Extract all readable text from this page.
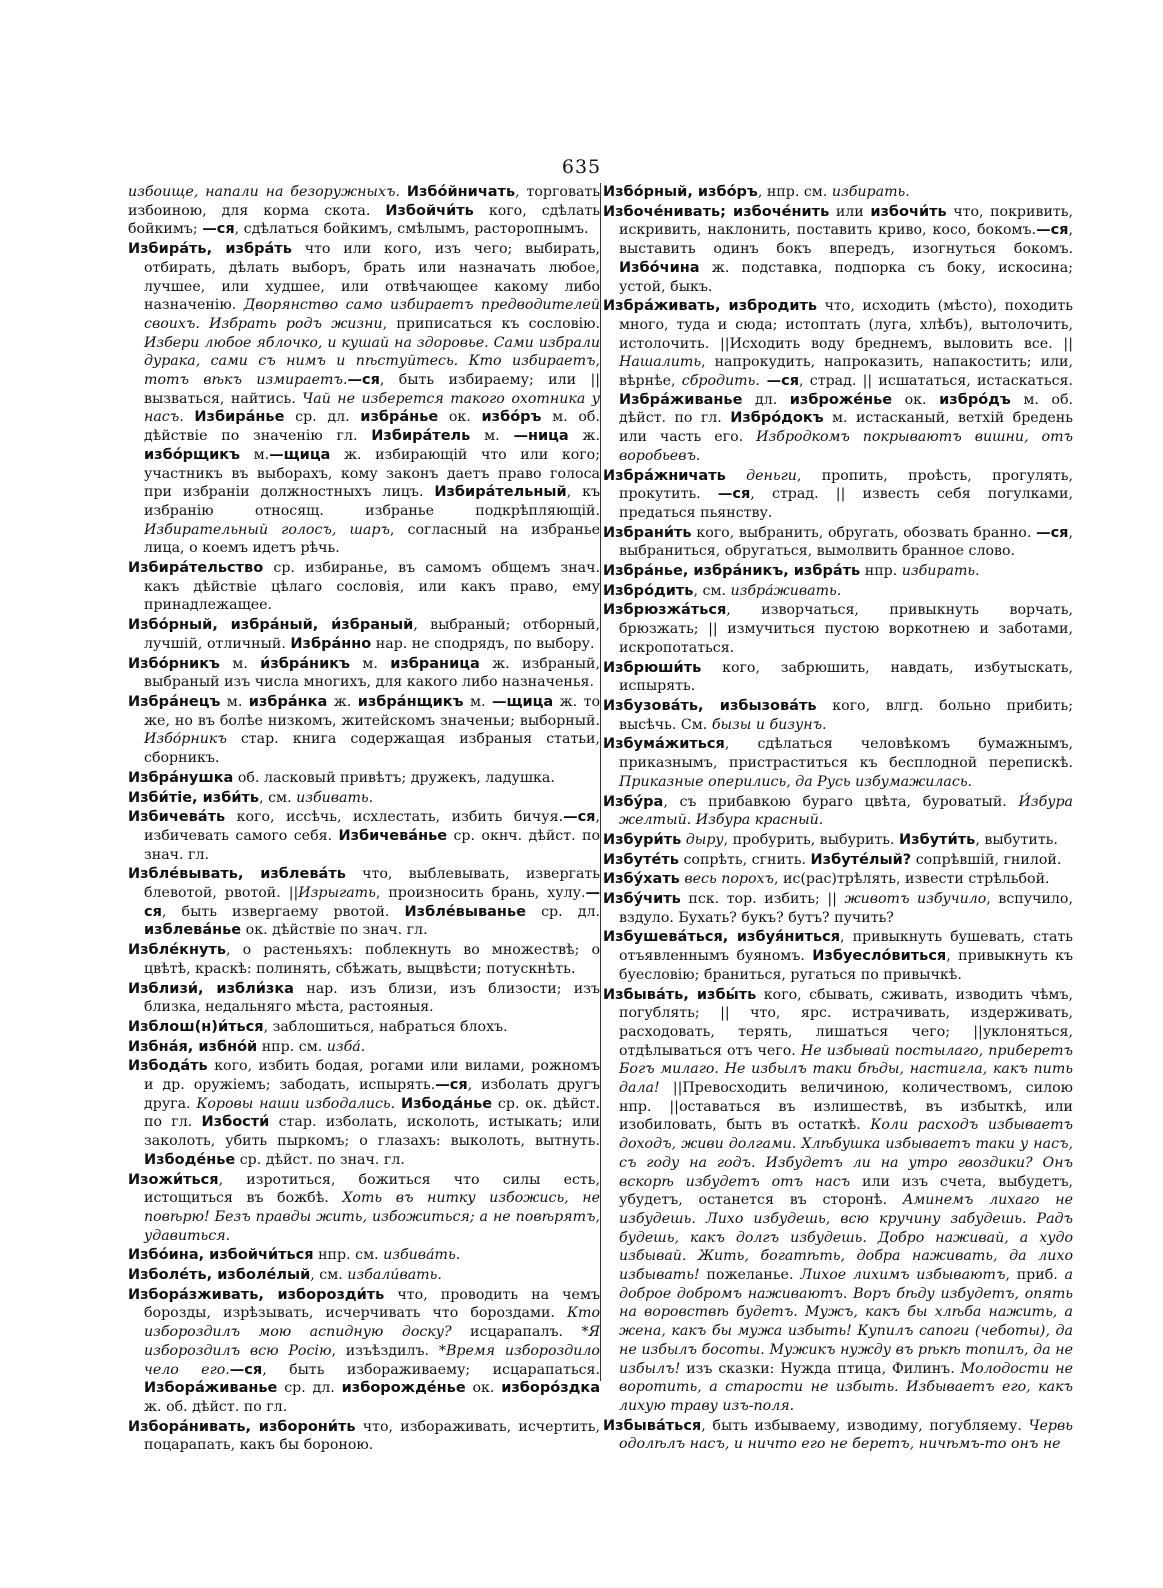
635

избоище, напали на безоружныхъ. Избо́йничать, торговать избоиною, для корма скота. Избойчи́ть кого, сдѣлать бойкимъ; —ся, сдѣлаться бойкимъ, смѣлымъ, расторопнымъ.

Избира́ть, избра́ть что или кого, изъ чего; выбирать, отбирать, дѣлать выборъ, брать или назначать любое, лучшее, или худшее, или отвѣчающее какому либо назначенію. Дворянство само избираетъ предводителей своихъ. Избрать родъ жизни, приписаться къ сословію. Избери любое яблочко, и кушай на здоровье. Сами избрали дурака, сами съ нимъ и пѣстуйтесь. Кто избираетъ, тотъ вѣкъ измираетъ.—ся, быть избираему; или || вызваться, найтись. Чай не изберется такого охотника у насъ. Избира́нье ср. дл. избра́нье ок. избо́ръ м. об. дѣйствіе по значенію гл. Избира́тель м. —ница ж. избо́рщикъ м.—щица ж. избирающій что или кого; участникъ въ выборахъ, кому законъ даетъ право голоса при избраніи должностныхъ лицъ. Избира́тельный, къ избранію относящ. избранье подкрѣпляющій. Избирательный голосъ, шаръ, согласный на избранье лица, о коемъ идетъ рѣчь.

Избира́тельство ср. избиранье, въ самомъ общемъ знач. какъ дѣйствіе цѣлаго сословія, или какъ право, ему принадлежащее.

Избо́рный, избра́ный, и́збраный, выбраный; отборный, лучшій, отличный. Избра́нно нар. не сподрядъ, по выбору.

Избо́рникъ м. и́збра́никъ м. избраница ж. избраный, выбраный изъ числа многихъ, для какого либо назначенья.

Избра́нецъ м. избра́нка ж. избра́нщикъ м. —щица ж. то же, но въ болѣе низкомъ, житейскомъ значеньи; выборный. Избо́рникъ стар. книга содержащая избраныя статьи, сборникъ.

Избра́нушка об. ласковый привѣтъ; дружекъ, ладушка.

Изби́тіе, изби́ть, см. избивать.

Избичева́ть кого, иссѣчь, исхлестать, избить бичуя.—ся, избичевать самого себя. Избичева́нье ср. окнч. дѣйст. по знач. гл.

Избле́вывать, изблева́ть что, выблевывать, извергать блевотой, рвотой. ||Изрыгать, произносить брань, хулу.—ся, быть извергаему рвотой. Избле́выванье ср. дл. изблева́нье ок. дѣйствіе по знач. гл.

Избле́кнуть, о растеньяхъ: поблекнуть во множествѣ; о цвѣтѣ, краскѣ: полинять, сбѣжать, выцвѣсти; потускнѣть.

Изблизи́, избли́зка нар. изъ близи, изъ близости; изъ близка, недальняго мѣста, растояныя.

Изблош(н)и́ться, заблошиться, набраться блохъ.

Избна́я, избно́й нпр. см. изба́.

Избода́ть кого, избить бодая, рогами или вилами, рожномъ и др. оружіемъ; забодать, испырять.—ся, изболать другъ друга. Коровы наши избодались. Избода́нье ср. ок. дѣйст. по гл. Избости́ стар. изболать, исколоть, истыкать; или заколоть, убить пыркомъ; о глазахъ: выколоть, вытнуть. Избоде́нье ср. дѣйст. по знач. гл.

Изожи́ться, изротиться, божиться что силы есть, истощиться въ божбѣ. Хоть въ нитку избожись, не повѣрю! Безъ правды жить, избожиться; а не повѣрятъ, удавиться.

Избо́ина, избойчи́ться нпр. см. избива́ть.

Изболе́ть, изболе́лый, см. избали́вать.

Избора́зживать, изборозди́ть что, проводить на чемъ борозды, изрѣзывать, исчерчивать что бороздами. Кто избороздилъ мою аспидную доску? исцарапалъ. *Я избороздилъ всю Росію, изъѣздилъ. *Время избороздило чело его.—ся, быть избораживаему; исцарапаться. Избора́живанье ср. дл. изборожде́нье ок. изборо́здка ж. об. дѣйст. по гл.

Избора́нивать, изборони́ть что, избораживать, исчертить, поцарапать, какъ бы бороною.

Избо́рный, избо́ръ, нпр. см. избирать.

Избоче́нивать; избоче́нить или избочи́ть что, покривить, искривить, наклонить, поставить криво, косо, бокомъ.—ся, выставить одинъ бокъ впередъ, изогнуться бокомъ. Избо́чина ж. подставка, подпорка съ боку, искосина; устой, быкъ.

Избра́живать, избродить что, исходить (мѣсто), походить много, туда и сюда; истоптать (луга, хлѣбъ), вытолочить, истолочить. ||Исходить воду бреднемъ, выловить все. ||Нашалить, напрокудить, напроказить, напакостить; или, вѣрнѣе, сбродить. —ся, страд. || исшататься, истаскаться. Избра́живанье дл. изброже́нье ок. избро́дъ м. об. дѣйст. по гл. Избро́докъ м. истасканый, ветхій бредень или часть его. Избродкомъ покрываютъ вишни, отъ воробьевъ.

Избра́жничать деньги, пропить, проѣсть, прогулять, прокутить. —ся, страд. || известь себя погулками, предаться пьянству.

Избрани́ть кого, выбранить, обругать, обозвать бранно. —ся, выбраниться, обругаться, вымолвить бранное слово.

Избра́нье, избра́никъ, избра́ть нпр. избирать.

Избро́дить, см. избра́живать.

Избрюзжа́ться, изворчаться, привыкнуть ворчать, брюзжать; || измучиться пустою воркотнею и заботами, искропотаться.

Избрюши́ть кого, забрюшить, навдать, избутыскать, испырять.

Избузова́ть, избызова́ть кого, влгд. больно прибить; высѣчь. См. бызы и бизунъ.

Избума́житься, сдѣлаться человѣкомъ бумажнымъ, приказнымъ, пристраститься къ бесплодной перепискѣ. Приказные оперились, да Русь избумажилась.

Избу́ра, съ прибавкою бураго цвѣта, буроватый. И́збура желтый. Избура красный.

Избури́ть дыру, пробурить, выбурить. Избути́ть, выбутить.

Избуте́ть сопрѣть, сгнить. Избуте́лый? сопрѣвшій, гнилой.

Избу́хать весь порохъ, ис(рас)трѣлять, извести стрѣльбой.

Избу́чить пск. тор. избить; || животъ избучило, вспучило, вздуло. Бухать? букъ? бутъ? пучить?

Избушева́ться, избуя́ниться, привыкнуть бушевать, стать отъявленнымъ буяномъ. Избуесло́виться, привыкнуть къ буесловію; браниться, ругаться по привычкѣ.

Избыва́ть, избы́ть кого, сбывать, сживать, изводить чѣмъ, погублять; || что, ярс. истрачивать, издерживать, расходовать, терять, лишаться чего; ||уклоняться, отдѣлываться отъ чего. Не избывай постылаго, приберетъ Богъ милаго. Не избылъ таки бѣды, настигла, какъ пить дала! ||Превосходить величиною, количествомъ, силою нпр. ||оставаться въ излишествѣ, въ избыткѣ, или изобиловать, быть въ остаткѣ. Коли расходъ избываетъ доходъ, живи долгами. Хлѣбушка избываетъ таки у насъ, съ году на годъ. Избудетъ ли на утро гвоздики? Онъ вскорѣ избудетъ отъ насъ или изъ счета, выбудетъ, убудетъ, останется въ сторонѣ. Аминемъ лихаго не избудешь. Лихо избудешь, всю кручину забудешь. Радъ будешь, какъ долгъ избудешь. Добро наживай, а худо избывай. Жить, богатѣть, добра наживать, да лихо избывать! пожеланье. Лихое лихимъ избываютъ, приб. а доброе добромъ наживаютъ. Воръ бѣду избудетъ, опять на воровствѣ будетъ. Мужъ, какъ бы хлѣба нажить, а жена, какъ бы мужа избыть! Купилъ сапоги (чеботы), да не избылъ босоты. Мужикъ нужду въ рѣкѣ топилъ, да не избылъ! изъ сказки: Нужда птица, Филинъ. Молодости не воротить, а старости не избыть. Избываетъ его, какъ лихую траву изъ-поля.

Избыва́ться, быть избываему, изводиму, погубляему. Червь одолѣлъ насъ, и ничто его не беретъ, ничѣмъ-то онъ не
